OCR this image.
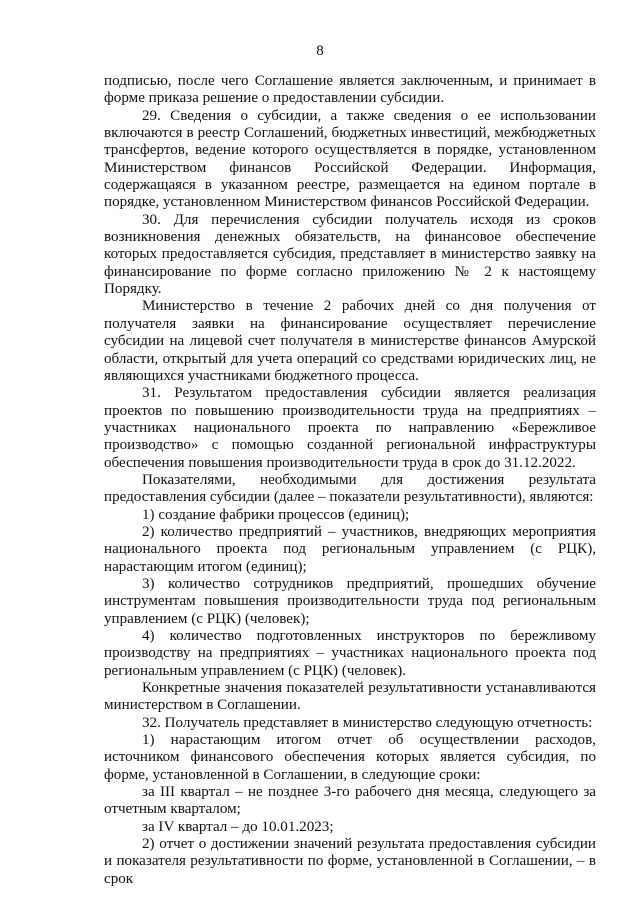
8

подписью, после чего Соглашение является заключенным, и принимает в форме приказа решение о предоставлении субсидии.

29. Сведения о субсидии, а также сведения о ее использовании включаются в реестр Соглашений, бюджетных инвестиций, межбюджетных трансфертов, ведение которого осуществляется в порядке, установленном Министерством финансов Российской Федерации. Информация, содержащаяся в указанном реестре, размещается на едином портале в порядке, установленном Министерством финансов Российской Федерации.

30. Для перечисления субсидии получатель исходя из сроков возникновения денежных обязательств, на финансовое обеспечение которых предоставляется субсидия, представляет в министерство заявку на финансирование по форме согласно приложению № 2 к настоящему Порядку.

Министерство в течение 2 рабочих дней со дня получения от получателя заявки на финансирование осуществляет перечисление субсидии на лицевой счет получателя в министерстве финансов Амурской области, открытый для учета операций со средствами юридических лиц, не являющихся участниками бюджетного процесса.

31. Результатом предоставления субсидии является реализация проектов по повышению производительности труда на предприятиях – участниках национального проекта по направлению «Бережливое производство» с помощью созданной региональной инфраструктуры обеспечения повышения производительности труда в срок до 31.12.2022.

Показателями, необходимыми для достижения результата предоставления субсидии (далее – показатели результативности), являются:

1) создание фабрики процессов (единиц);

2) количество предприятий – участников, внедряющих мероприятия национального проекта под региональным управлением (с РЦК), нарастающим итогом (единиц);

3) количество сотрудников предприятий, прошедших обучение инструментам повышения производительности труда под региональным управлением (с РЦК) (человек);

4) количество подготовленных инструкторов по бережливому производству на предприятиях – участниках национального проекта под региональным управлением (с РЦК) (человек).

Конкретные значения показателей результативности устанавливаются министерством в Соглашении.

32. Получатель представляет в министерство следующую отчетность:

1) нарастающим итогом отчет об осуществлении расходов, источником финансового обеспечения которых является субсидия, по форме, установленной в Соглашении, в следующие сроки:

за III квартал – не позднее 3-го рабочего дня месяца, следующего за отчетным кварталом;

за IV квартал – до 10.01.2023;

2) отчет о достижении значений результата предоставления субсидии и показателя результативности по форме, установленной в Соглашении, – в срок
